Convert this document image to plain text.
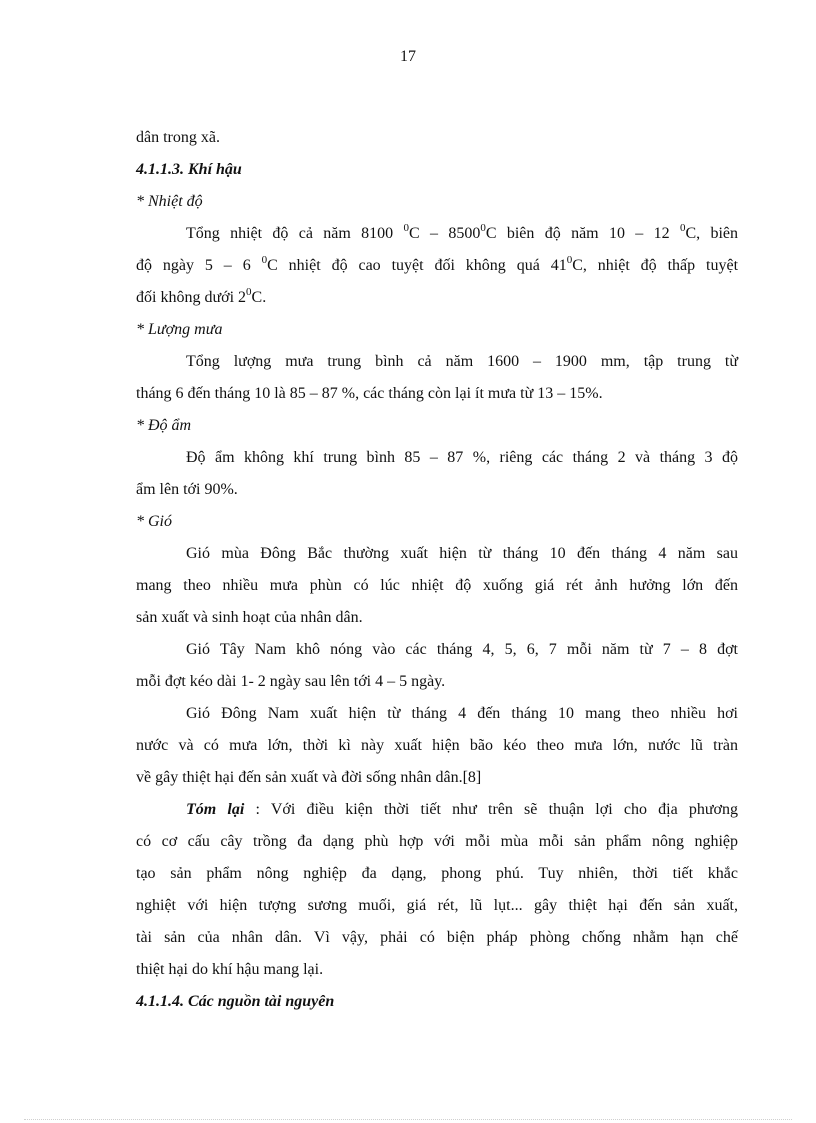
17
dân trong xã.
4.1.1.3. Khí hậu
* Nhiệt độ
Tổng nhiệt độ cả năm 8100 $^0$C – 8500$^0$C biên độ năm 10 – 12 $^0$C, biên
độ ngày 5 – 6 $^0$C nhiệt độ cao tuyệt đối không quá $41^0C$, nhiệt độ thấp tuyệt
đối không dưới $2^0C$.
* Lượng mưa
Tổng lượng mưa trung bình cả năm 1600 – 1900 mm, tập trung từ
tháng 6 đến tháng 10 là 85 – 87 %, các tháng còn lại ít mưa từ 13 – 15%.
* Độ ẩm
Độ ẩm không khí trung bình 85 – 87 %, riêng các tháng 2 và tháng 3 độ
ẩm lên tới 90%.
* Gió
Gió mùa Đông Bắc thường xuất hiện từ tháng 10 đến tháng 4 năm sau
mang theo nhiều mưa phùn có lúc nhiệt độ xuống giá rét ảnh hưởng lớn đến
sản xuất và sinh hoạt của nhân dân.
Gió Tây Nam khô nóng vào các tháng 4, 5, 6, 7 mỗi năm từ 7 – 8 đợt
mỗi đợt kéo dài 1- 2 ngày sau lên tới 4 – 5 ngày.
Gió Đông Nam xuất hiện từ tháng 4 đến tháng 10 mang theo nhiều hơi
nước và có mưa lớn, thời kì này xuất hiện bão kéo theo mưa lớn, nước lũ tràn
về gây thiệt hại đến sản xuất và đời sống nhân dân.[8]
Tóm lại : Với điều kiện thời tiết như trên sẽ thuận lợi cho địa phương
có cơ cấu cây trồng đa dạng phù hợp với mỗi mùa mỗi sản phẩm nông nghiệp
tạo sản phẩm nông nghiệp đa dạng, phong phú. Tuy nhiên, thời tiết khắc
nghiệt với hiện tượng sương muối, giá rét, lũ lụt... gây thiệt hại đến sản xuất,
tài sản của nhân dân. Vì vậy, phải có biện pháp phòng chống nhằm hạn chế
thiệt hại do khí hậu mang lại.
4.1.1.4. Các nguồn tài nguyên
